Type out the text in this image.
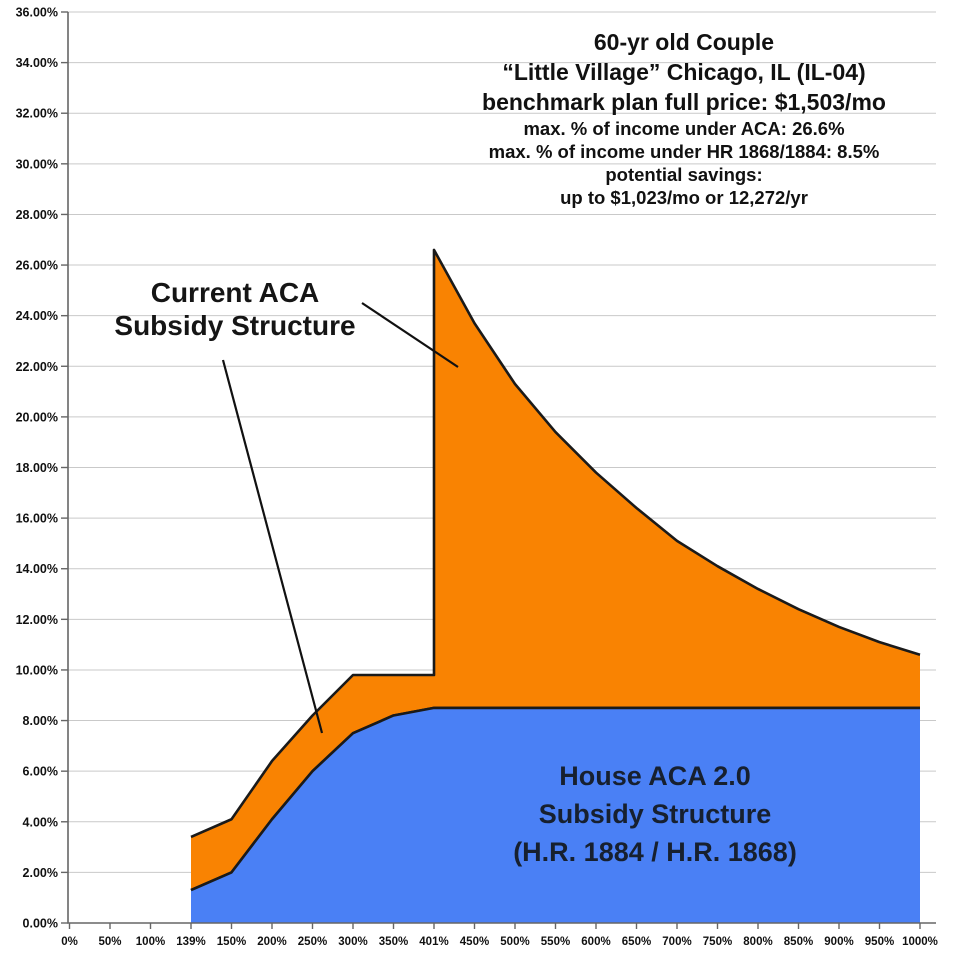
0.00%
2.00%
4.00%
6.00%
8.00%
10.00%
12.00%
14.00%
16.00%
18.00%
20.00%
22.00%
24.00%
26.00%
28.00%
30.00%
32.00%
34.00%
36.00%
0% 50% 100% 139% 150% 200% 250% 300% 350% 401% 450% 500% 550% 600% 650% 700% 750% 800% 850% 900% 950% 1000%
60-yr old Couple
“Little Village” Chicago, IL (IL-04)
benchmark plan full price: $1,503/mo
max. % of income under ACA: 26.6%
max. % of income under HR 1868/1884: 8.5%
potential savings:
up to $1,023/mo or 12,272/yr
Current ACA
Subsidy Structure
House ACA 2.0
Subsidy Structure
(H.R. 1884 / H.R. 1868)
